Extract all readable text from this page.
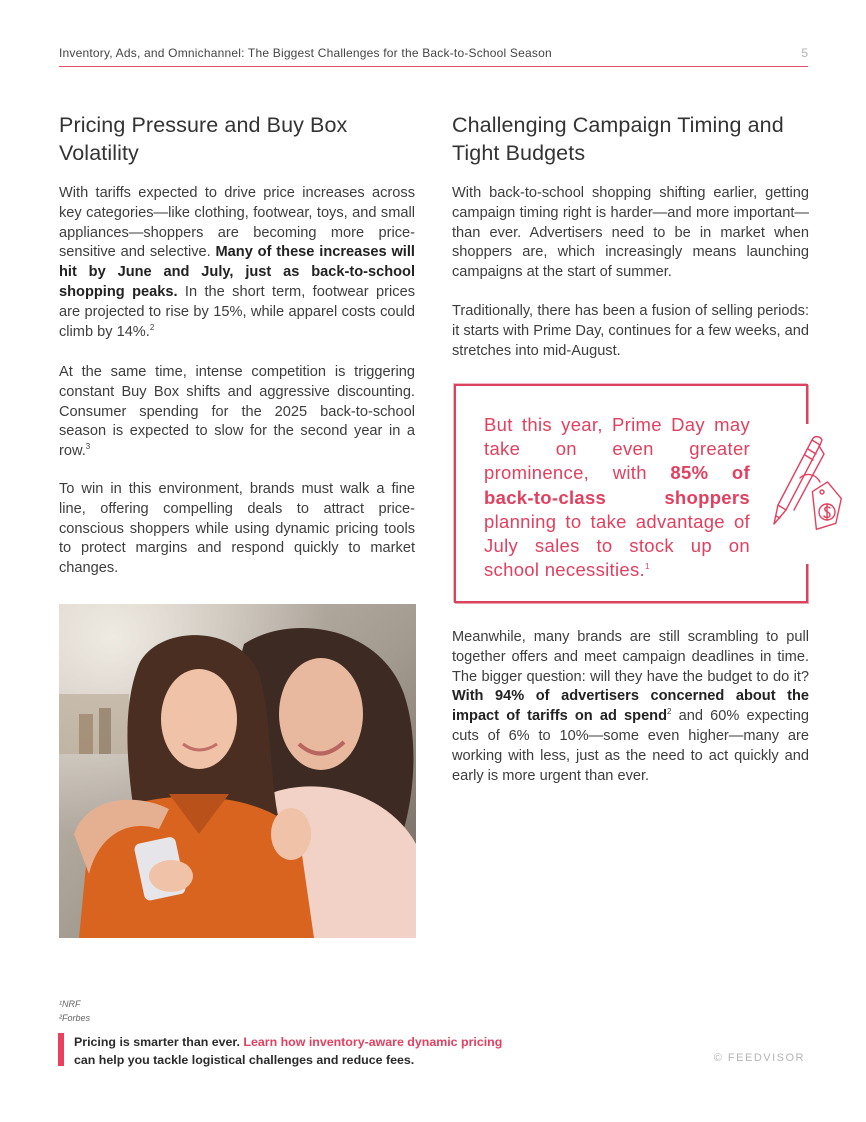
Inventory, Ads, and Omnichannel: The Biggest Challenges for the Back-to-School Season	5
Pricing Pressure and Buy Box Volatility

With tariffs expected to drive price increases across key categories—like clothing, footwear, toys, and small appliances—shoppers are becoming more price-sensitive and selective. Many of these increases will hit by June and July, just as back-to-school shopping peaks. In the short term, footwear prices are projected to rise by 15%, while apparel costs could climb by 14%.$^2$

At the same time, intense competition is triggering constant Buy Box shifts and aggressive discounting. Consumer spending for the 2025 back-to-school season is expected to slow for the second year in a row.$^3$

To win in this environment, brands must walk a fine line, offering compelling deals to attract price-conscious shoppers while using dynamic pricing tools to protect margins and respond quickly to market changes.

Challenging Campaign Timing and Tight Budgets

With back-to-school shopping shifting earlier, getting campaign timing right is harder—and more important—than ever. Advertisers need to be in market when shoppers are, which increasingly means launching campaigns at the start of summer.

Traditionally, there has been a fusion of selling periods: it starts with Prime Day, continues for a few weeks, and stretches into mid-August.

But this year, Prime Day may take on even greater prominence, with 85% of back-to-class shoppers planning to take advantage of July sales to stock up on school necessities.$^1$

Meanwhile, many brands are still scrambling to pull together offers and meet campaign deadlines in time. The bigger question: will they have the budget to do it? With 94% of advertisers concerned about the impact of tariffs on ad spend$^2$ and 60% expecting cuts of 6% to 10%—some even higher—many are working with less, just as the need to act quickly and early is more urgent than ever.

¹NRF
²Forbes
Pricing is smarter than ever. Learn how inventory-aware dynamic pricing
can help you tackle logistical challenges and reduce fees.	© FEEDVISOR
